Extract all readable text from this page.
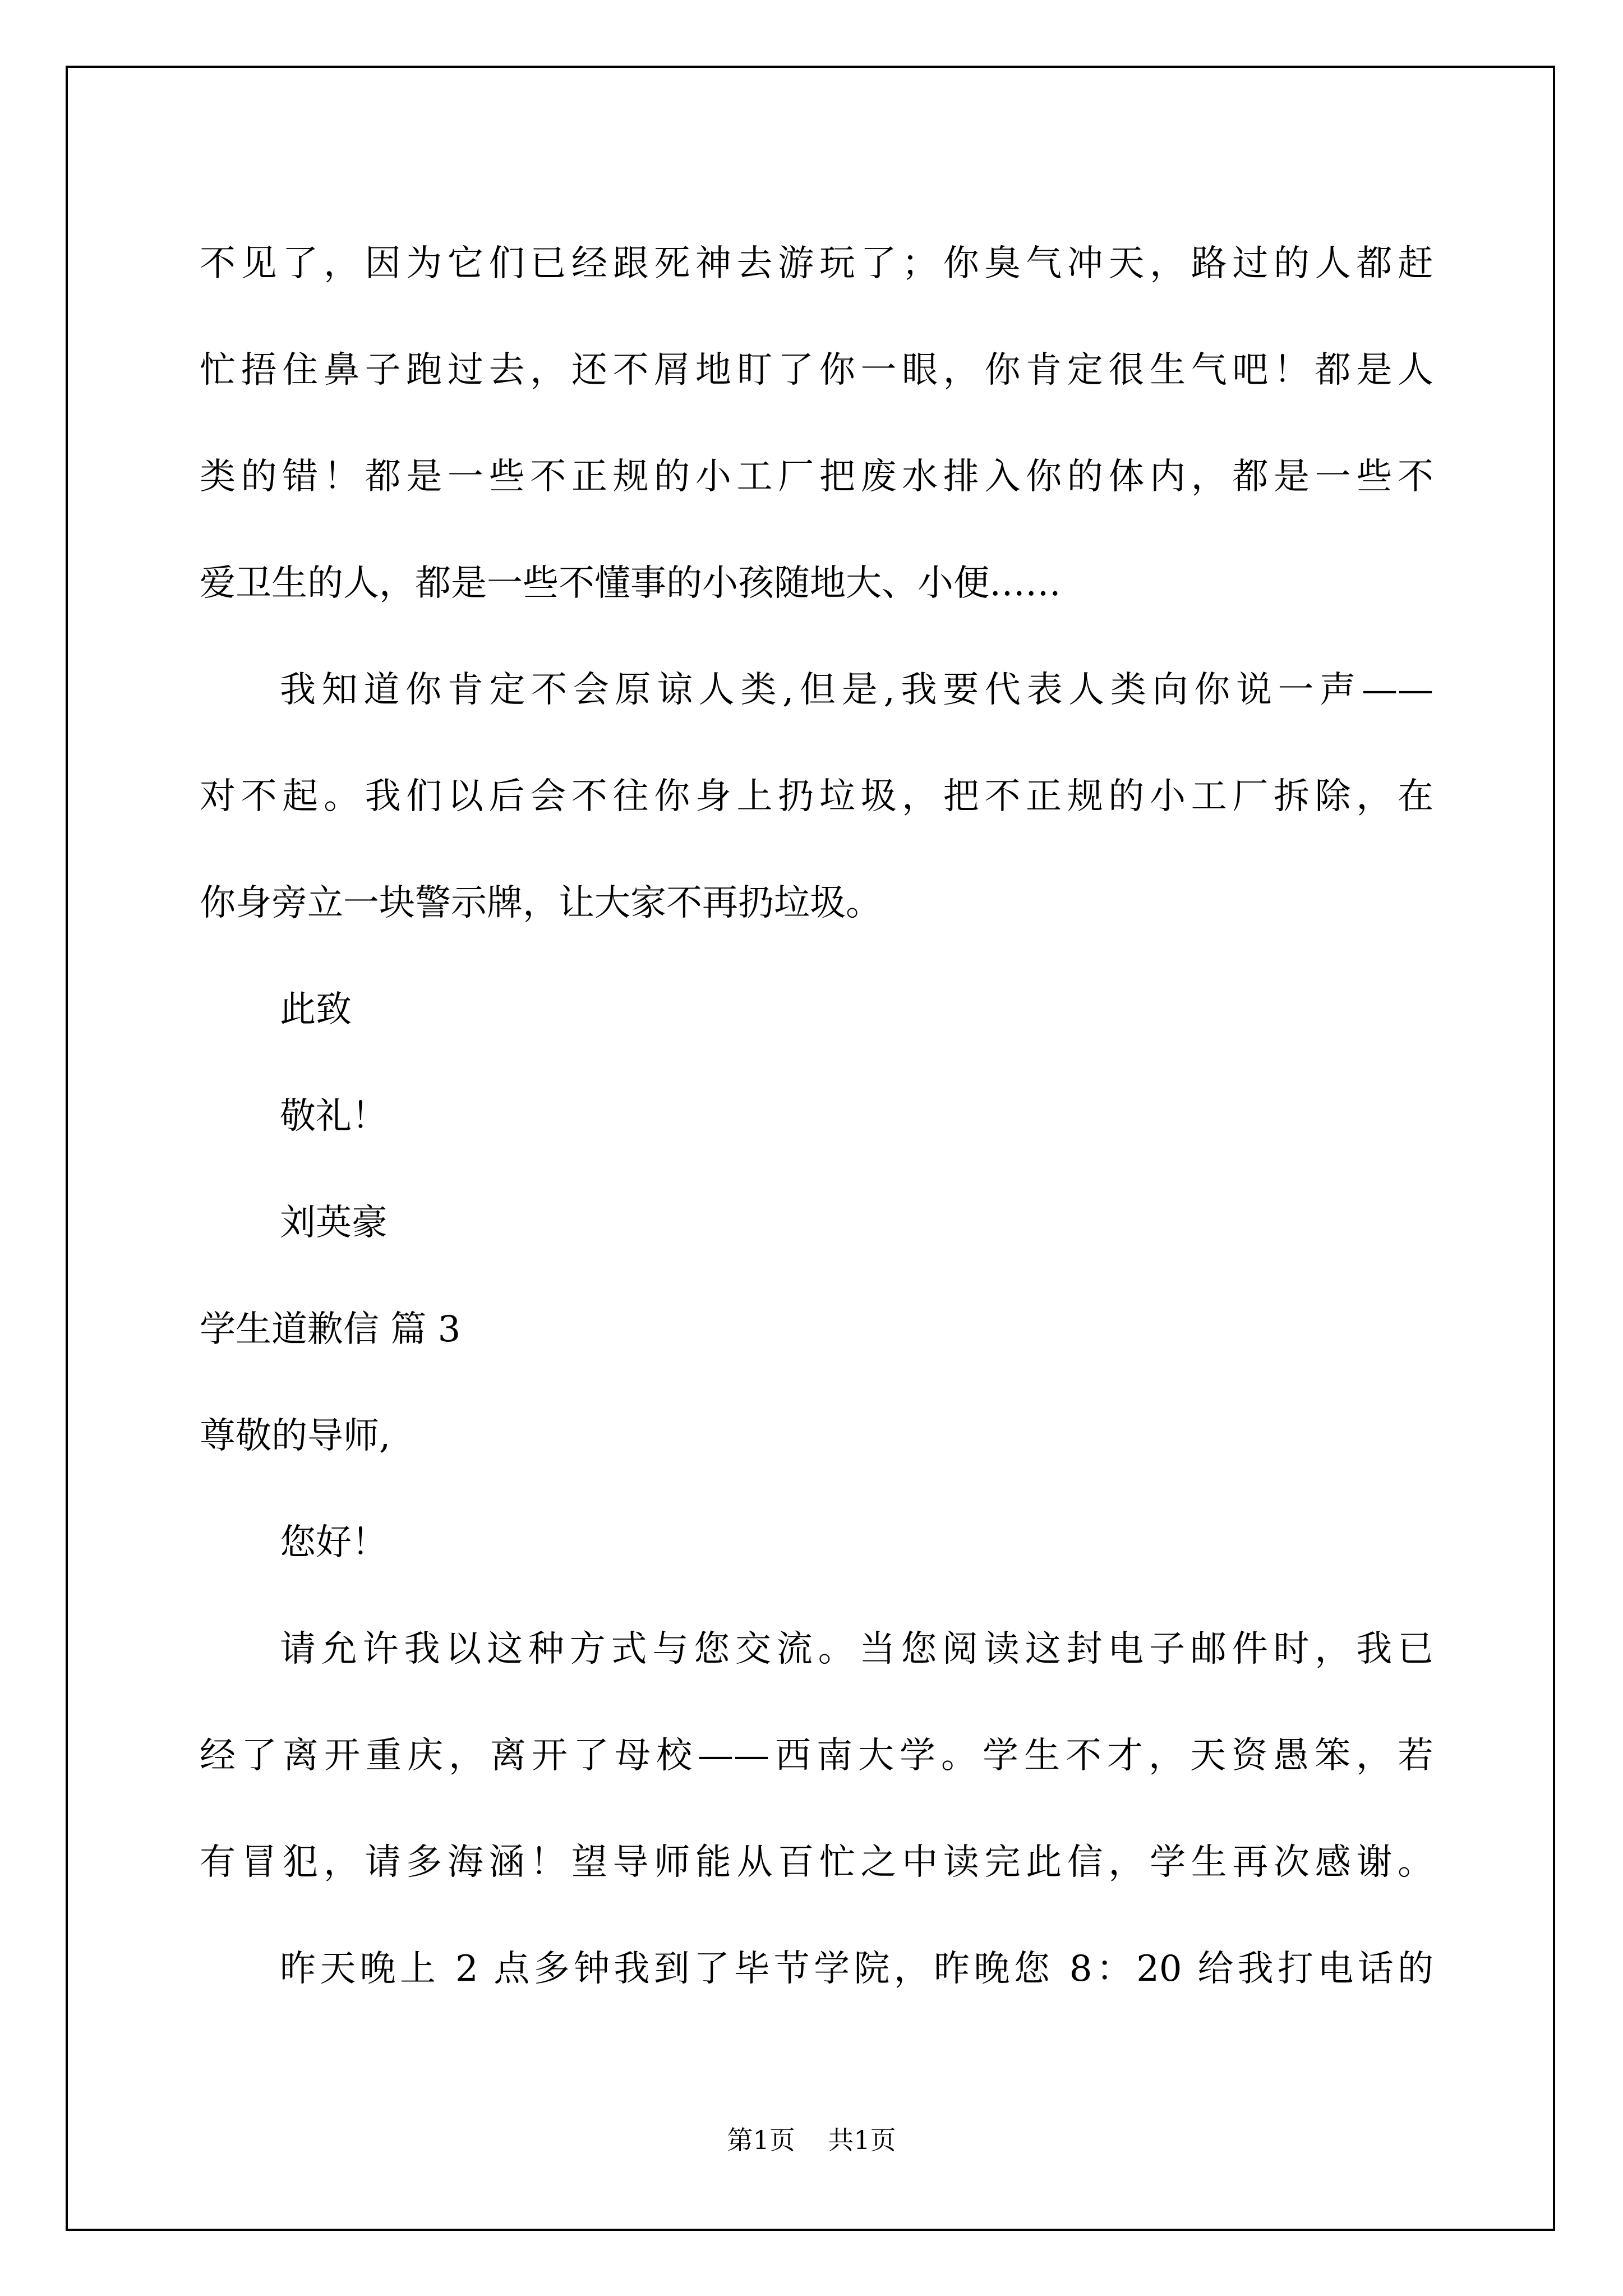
不见了，因为它们已经跟死神去游玩了；你臭气冲天，路过的人都赶
忙捂住鼻子跑过去，还不屑地盯了你一眼，你肯定很生气吧！都是人
类的错！都是一些不正规的小工厂把废水排入你的体内，都是一些不
爱卫生的人，都是一些不懂事的小孩随地大、小便……
我知道你肯定不会原谅人类,但是,我要代表人类向你说一声——
对不起。我们以后会不往你身上扔垃圾，把不正规的小工厂拆除，在
你身旁立一块警示牌，让大家不再扔垃圾。
此致
敬礼！
刘英豪
学生道歉信 篇 3
尊敬的导师,
您好！
请允许我以这种方式与您交流。当您阅读这封电子邮件时，我已
经了离开重庆，离开了母校——西南大学。学生不才，天资愚笨，若
有冒犯，请多海涵！望导师能从百忙之中读完此信，学生再次感谢。
昨天晚上 2 点多钟我到了毕节学院，昨晚您 8：20 给我打电话的
第1页 共1页
